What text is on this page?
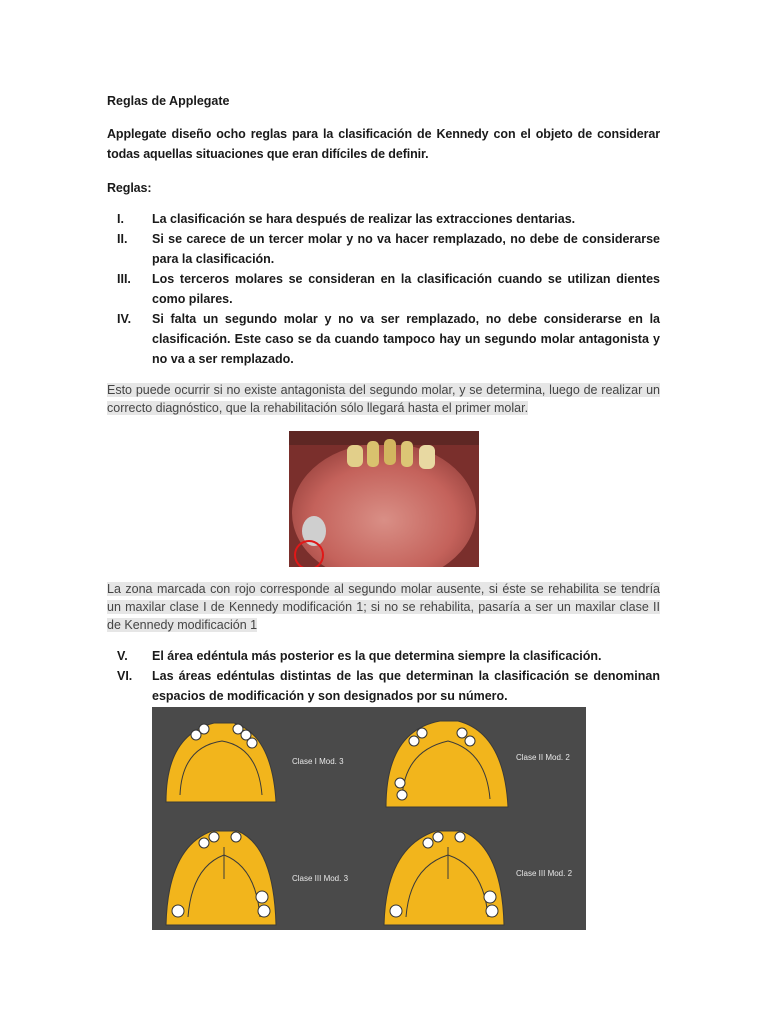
Reglas de Applegate
Applegate diseño ocho reglas para la clasificación de Kennedy con el objeto de considerar todas aquellas situaciones que eran difíciles de definir.
Reglas:
I.	La clasificación se hara después de realizar las extracciones dentarias.
II.	Si se carece de un tercer molar y no va hacer remplazado, no debe de considerarse para la clasificación.
III.	Los terceros molares se consideran en la clasificación cuando se utilizan dientes como pilares.
IV.	Si falta un segundo molar y no va ser remplazado, no debe considerarse en la clasificación. Este caso se da cuando tampoco hay un segundo molar antagonista y no va a ser remplazado.
Esto puede ocurrir si no existe antagonista del segundo molar, y se determina, luego de realizar un correcto diagnóstico, que la rehabilitación sólo llegará hasta el primer molar.
La zona marcada con rojo corresponde al segundo molar ausente, si éste se rehabilita se tendría un maxilar clase I de Kennedy modificación 1; si no se rehabilita, pasaría a ser un maxilar clase II de Kennedy modificación 1
V.	El área edéntula más posterior es la que determina siempre la clasificación.
VI.	Las áreas edéntulas distintas de las que determinan la clasificación se denominan espacios de modificación y son designados por su número.
Clase I Mod. 3	Clase II Mod. 2
Clase III Mod. 3
Clase III Mod. 2
